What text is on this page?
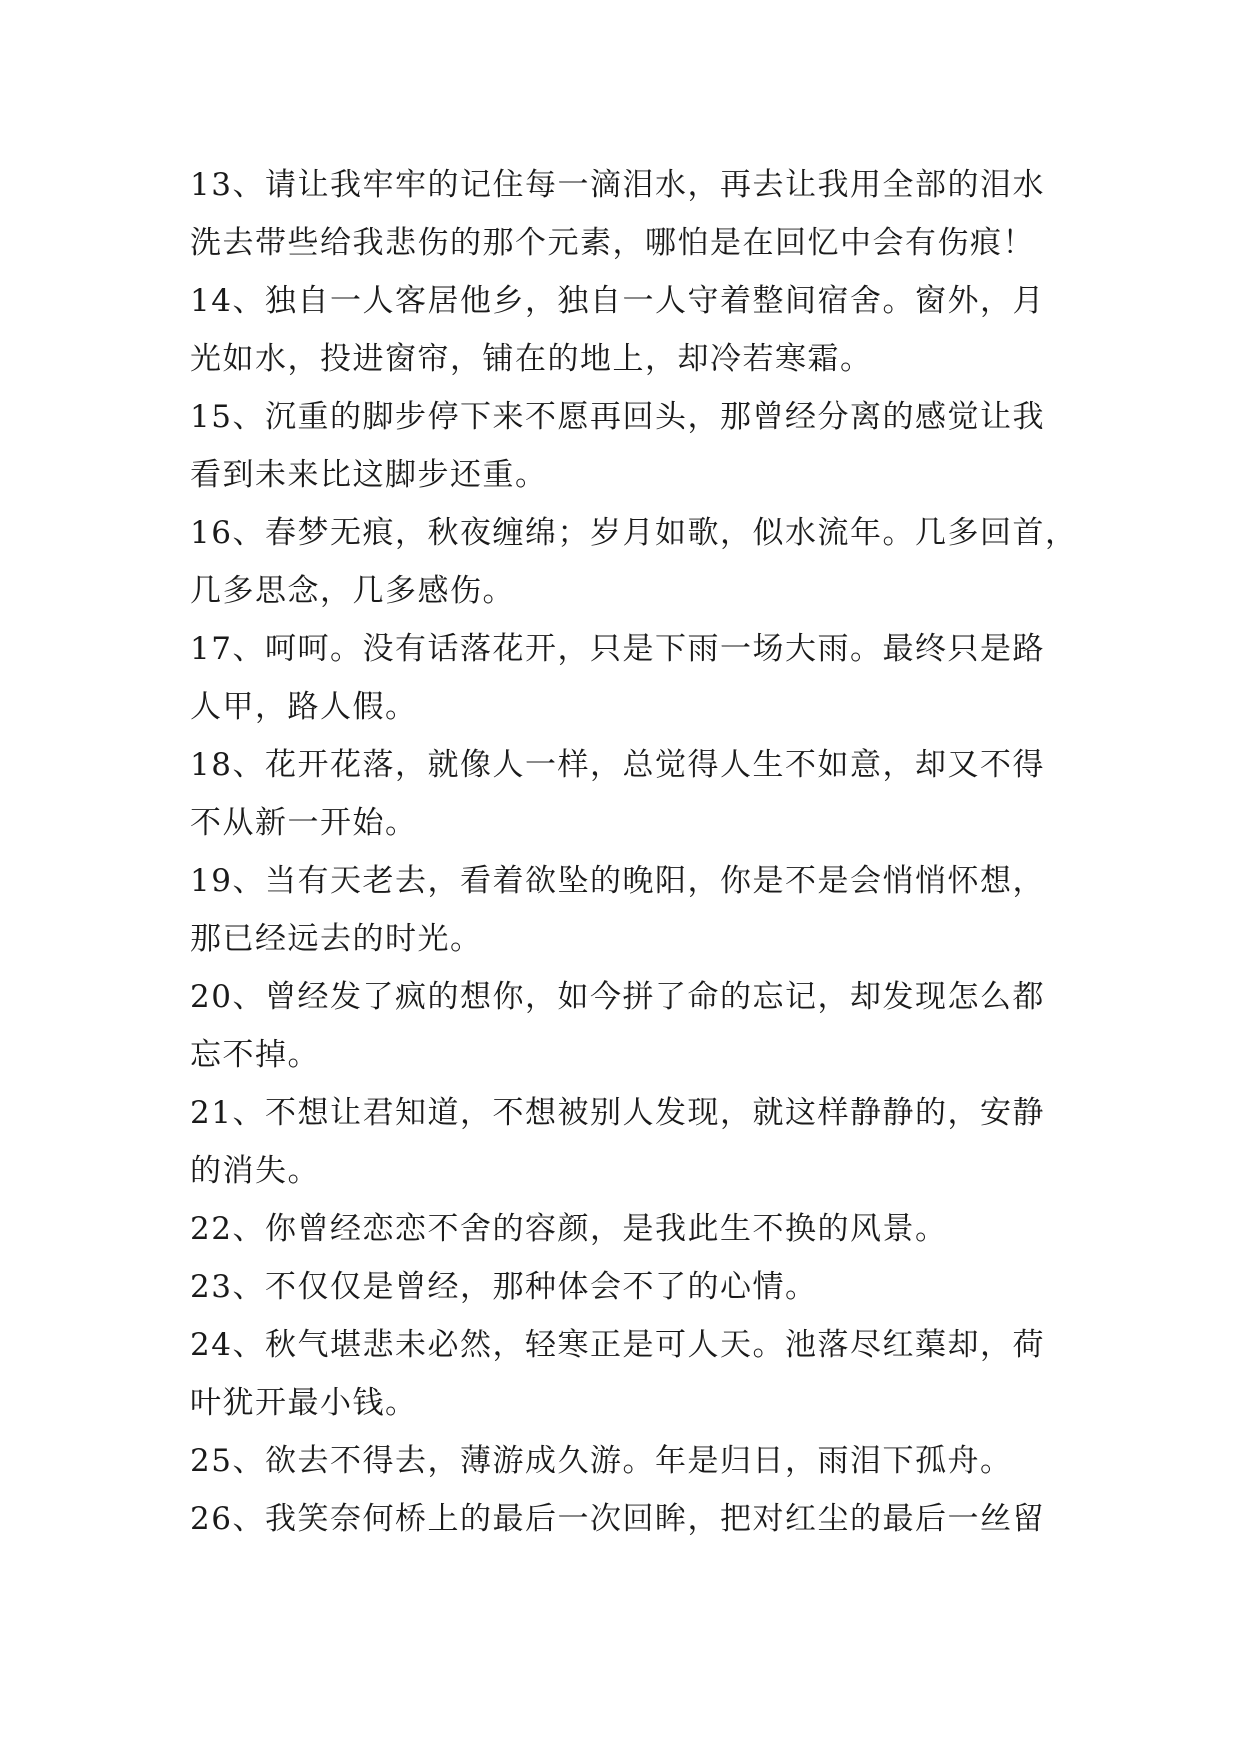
13、请让我牢牢的记住每一滴泪水，再去让我用全部的泪水
洗去带些给我悲伤的那个元素，哪怕是在回忆中会有伤痕！
14、独自一人客居他乡，独自一人守着整间宿舍。窗外，月
光如水，投进窗帘，铺在的地上，却冷若寒霜。
15、沉重的脚步停下来不愿再回头，那曾经分离的感觉让我
看到未来比这脚步还重。
16、春梦无痕，秋夜缠绵；岁月如歌，似水流年。几多回首，
几多思念，几多感伤。
17、呵呵。没有话落花开，只是下雨一场大雨。最终只是路
人甲，路人假。
18、花开花落，就像人一样，总觉得人生不如意，却又不得
不从新一开始。
19、当有天老去，看着欲坠的晚阳，你是不是会悄悄怀想，
那已经远去的时光。
20、曾经发了疯的想你，如今拼了命的忘记，却发现怎么都
忘不掉。
21、不想让君知道，不想被别人发现，就这样静静的，安静
的消失。
22、你曾经恋恋不舍的容颜，是我此生不换的风景。
23、不仅仅是曾经，那种体会不了的心情。
24、秋气堪悲未必然，轻寒正是可人天。池落尽红蕖却，荷
叶犹开最小钱。
25、欲去不得去，薄游成久游。年是归日，雨泪下孤舟。
26、我笑奈何桥上的最后一次回眸，把对红尘的最后一丝留
